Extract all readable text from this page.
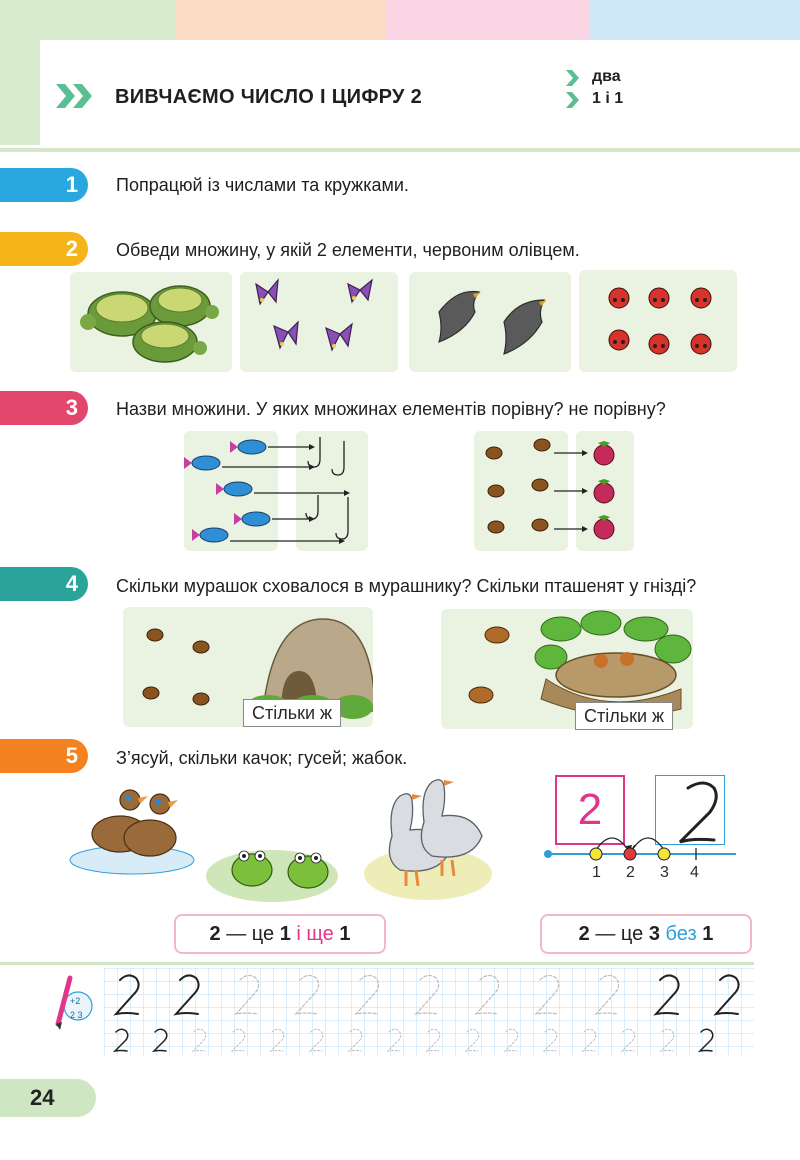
ВИВЧАЄМО ЧИСЛО І ЦИФРУ 2
два
1 і 1
1 Попрацюй із числами та кружками.
2 Обведи множину, у якій 2 елементи, червоним олівцем.
3 Назви множини. У яких множинах елементів порівну? не порівну?
4 Скільки мурашок сховалося в мурашнику? Скільки пташенят у гнізді?
Стільки ж	Стільки ж
5 З’ясуй, скільки качок; гусей; жабок.
2
1 2 3 4
2 — це 1 і ще 1	2 — це 3 без 1
+2
2 3
24
